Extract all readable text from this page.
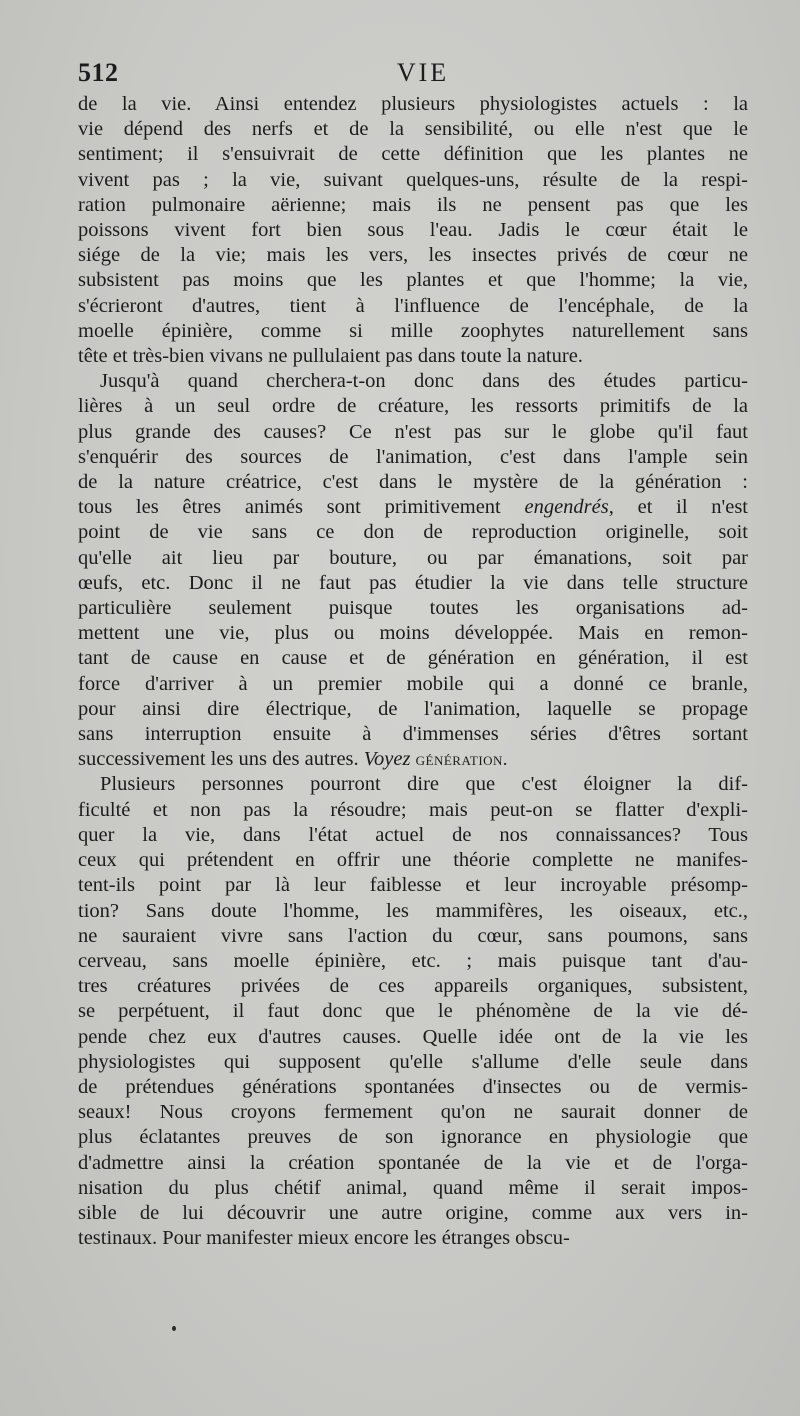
512	VIE

de la vie. Ainsi entendez plusieurs physiologistes actuels : la
vie dépend des nerfs et de la sensibilité, ou elle n'est que le
sentiment; il s'ensuivrait de cette définition que les plantes ne
vivent pas ; la vie, suivant quelques-uns, résulte de la respi-
ration pulmonaire aërienne; mais ils ne pensent pas que les
poissons vivent fort bien sous l'eau. Jadis le cœur était le
siége de la vie; mais les vers, les insectes privés de cœur ne
subsistent pas moins que les plantes et que l'homme; la vie,
s'écrieront d'autres, tient à l'influence de l'encéphale, de la
moelle épinière, comme si mille zoophytes naturellement sans
tête et très-bien vivans ne pullulaient pas dans toute la nature.

Jusqu'à quand cherchera-t-on donc dans des études particu-
lières à un seul ordre de créature, les ressorts primitifs de la
plus grande des causes? Ce n'est pas sur le globe qu'il faut
s'enquérir des sources de l'animation, c'est dans l'ample sein
de la nature créatrice, c'est dans le mystère de la génération :
tous les êtres animés sont primitivement engendrés, et il n'est
point de vie sans ce don de reproduction originelle, soit
qu'elle ait lieu par bouture, ou par émanations, soit par
œufs, etc. Donc il ne faut pas étudier la vie dans telle structure
particulière seulement puisque toutes les organisations ad-
mettent une vie, plus ou moins développée. Mais en remon-
tant de cause en cause et de génération en génération, il est
force d'arriver à un premier mobile qui a donné ce branle,
pour ainsi dire électrique, de l'animation, laquelle se propage
sans interruption ensuite à d'immenses séries d'êtres sortant
successivement les uns des autres. Voyez génération.

Plusieurs personnes pourront dire que c'est éloigner la dif-
ficulté et non pas la résoudre; mais peut-on se flatter d'expli-
quer la vie, dans l'état actuel de nos connaissances? Tous
ceux qui prétendent en offrir une théorie complette ne manifes-
tent-ils point par là leur faiblesse et leur incroyable présomp-
tion? Sans doute l'homme, les mammifères, les oiseaux, etc.,
ne sauraient vivre sans l'action du cœur, sans poumons, sans
cerveau, sans moelle épinière, etc. ; mais puisque tant d'au-
tres créatures privées de ces appareils organiques, subsistent,
se perpétuent, il faut donc que le phénomène de la vie dé-
pende chez eux d'autres causes. Quelle idée ont de la vie les
physiologistes qui supposent qu'elle s'allume d'elle seule dans
de prétendues générations spontanées d'insectes ou de vermis-
seaux! Nous croyons fermement qu'on ne saurait donner de
plus éclatantes preuves de son ignorance en physiologie que
d'admettre ainsi la création spontanée de la vie et de l'orga-
nisation du plus chétif animal, quand même il serait impos-
sible de lui découvrir une autre origine, comme aux vers in-
testinaux. Pour manifester mieux encore les étranges obscu-
